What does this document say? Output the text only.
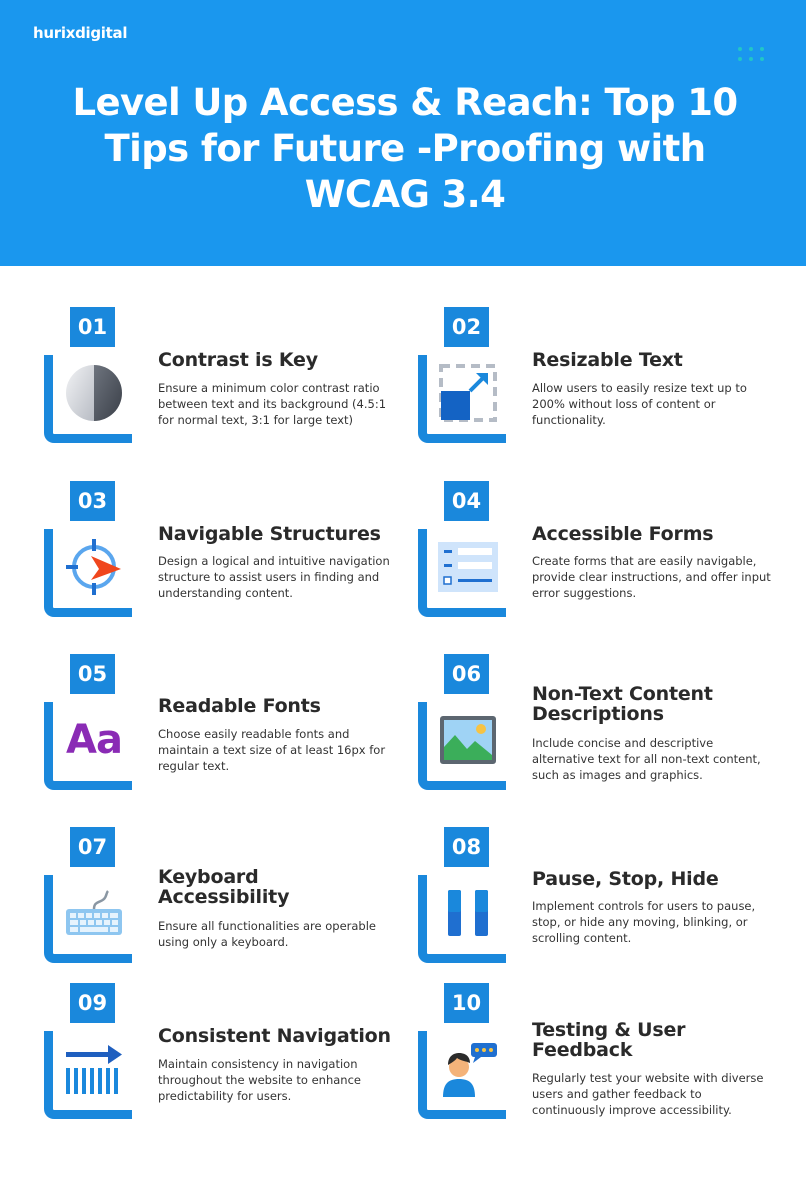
hurixdigital
Level Up Access & Reach: Top 10 Tips for Future -Proofing with WCAG 3.4
01
Contrast is Key

Ensure a minimum color contrast ratio between text and its background (4.5:1 for normal text, 3:1 for large text)

02
Resizable Text

Allow users to easily resize text up to 200% without loss of content or functionality.

03
Navigable Structures

Design a logical and intuitive navigation structure to assist users in finding and understanding content.

04
Accessible Forms

Create forms that are easily navigable, provide clear instructions, and offer input error suggestions.

05
Aa
Readable Fonts

Choose easily readable fonts and maintain a text size of at least 16px for regular text.

06
Non-Text Content Descriptions

Include concise and descriptive alternative text for all non-text content, such as images and graphics.

07
Keyboard Accessibility

Ensure all functionalities are operable using only a keyboard.

08
Pause, Stop, Hide

Implement controls for users to pause, stop, or hide any moving, blinking, or scrolling content.

09
Consistent Navigation

Maintain consistency in navigation throughout the website to enhance predictability for users.

10
Testing & User Feedback

Regularly test your website with diverse users and gather feedback to continuously improve accessibility.
